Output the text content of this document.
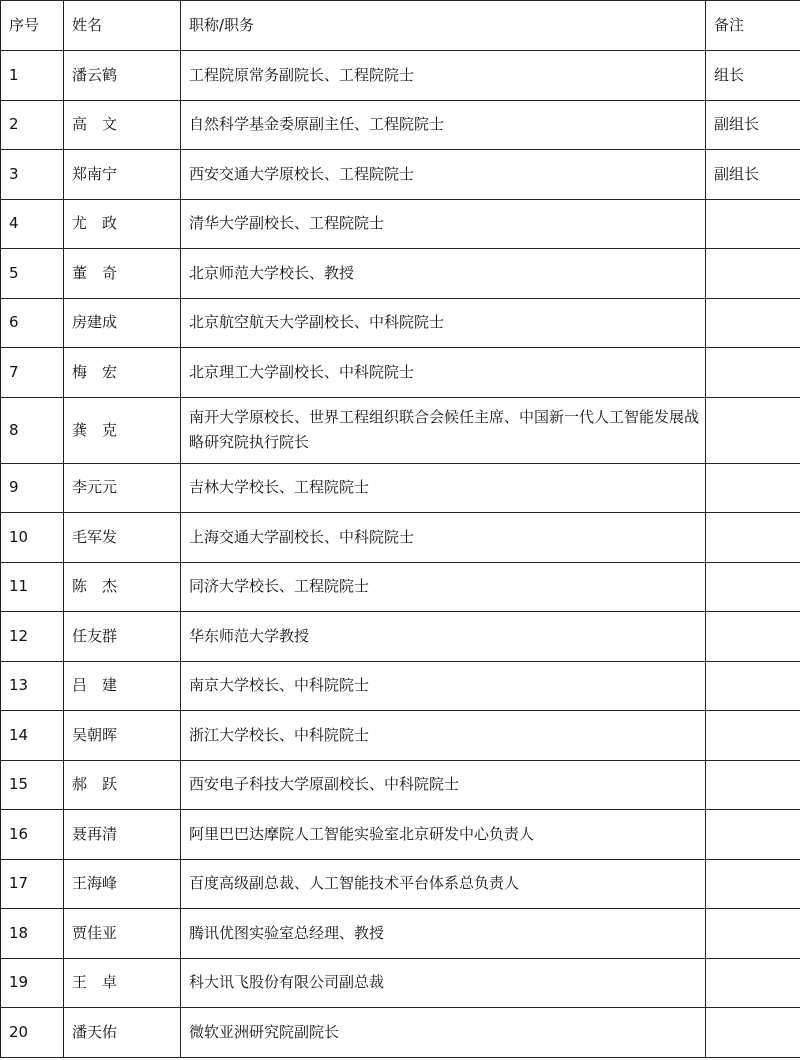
序号	姓名	职称/职务	备注
1	潘云鹤	工程院原常务副院长、工程院院士	组长
2	高　文	自然科学基金委原副主任、工程院院士	副组长
3	郑南宁	西安交通大学原校长、工程院院士	副组长
4	尤　政	清华大学副校长、工程院院士	
5	董　奇	北京师范大学校长、教授	
6	房建成	北京航空航天大学副校长、中科院院士	
7	梅　宏	北京理工大学副校长、中科院院士	
8	龚　克	南开大学原校长、世界工程组织联合会候任主席、中国新一代人工智能发展战略研究院执行院长	
9	李元元	吉林大学校长、工程院院士	
10	毛军发	上海交通大学副校长、中科院院士	
11	陈　杰	同济大学校长、工程院院士	
12	任友群	华东师范大学教授	
13	吕　建	南京大学校长、中科院院士	
14	吴朝晖	浙江大学校长、中科院院士	
15	郝　跃	西安电子科技大学原副校长、中科院院士	
16	聂再清	阿里巴巴达摩院人工智能实验室北京研发中心负责人	
17	王海峰	百度高级副总裁、人工智能技术平台体系总负责人	
18	贾佳亚	腾讯优图实验室总经理、教授	
19	王　卓	科大讯飞股份有限公司副总裁	
20	潘天佑	微软亚洲研究院副院长	
